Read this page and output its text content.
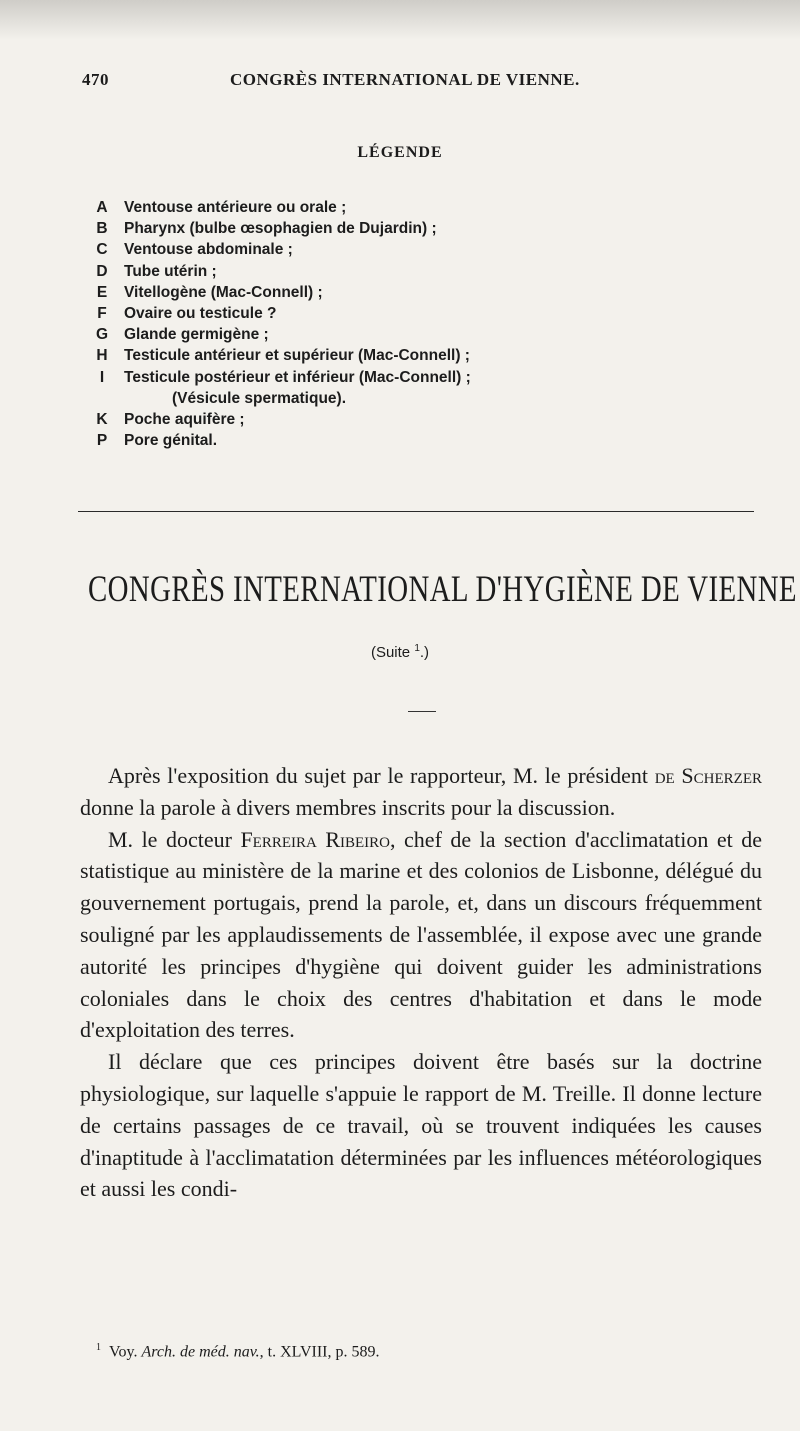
470	CONGRÈS INTERNATIONAL DE VIENNE.
LÉGENDE
A Ventouse antérieure ou orale ;
B Pharynx (bulbe œsophagien de Dujardin) ;
C Ventouse abdominale ;
D Tube utérin ;
E Vitellogène (Mac-Connell) ;
F Ovaire ou testicule ?
G Glande germigène ;
H Testicule antérieur et supérieur (Mac-Connell) ;
I	Testicule postérieur et inférieur (Mac-Connell) ;
(Vésicule spermatique).
K Poche aquifère ;
P Pore génital.
CONGRÈS INTERNATIONAL D'HYGIÈNE DE VIENNE
(Suite $^1$.)

Après l'exposition du sujet par le rapporteur, M. le président de Scherzer donne la parole à divers membres inscrits pour la discussion.

M. le docteur Ferreira Ribeiro, chef de la section d'acclimatation et de statistique au ministère de la marine et des colonios de Lisbonne, délégué du gouvernement portugais, prend la parole, et, dans un discours fréquemment souligné par les applaudissements de l'assemblée, il expose avec une grande autorité les principes d'hygiène qui doivent guider les administrations coloniales dans le choix des centres d'habitation et dans le mode d'exploitation des terres.

Il déclare que ces principes doivent être basés sur la doctrine physiologique, sur laquelle s'appuie le rapport de M. Treille. Il donne lecture de certains passages de ce travail, où se trouvent indiquées les causes d'inaptitude à l'acclimatation déterminées par les influences météorologiques et aussi les condi-

$^1$ Voy. Arch. de méd. nav., t. XLVIII, p. 589.
